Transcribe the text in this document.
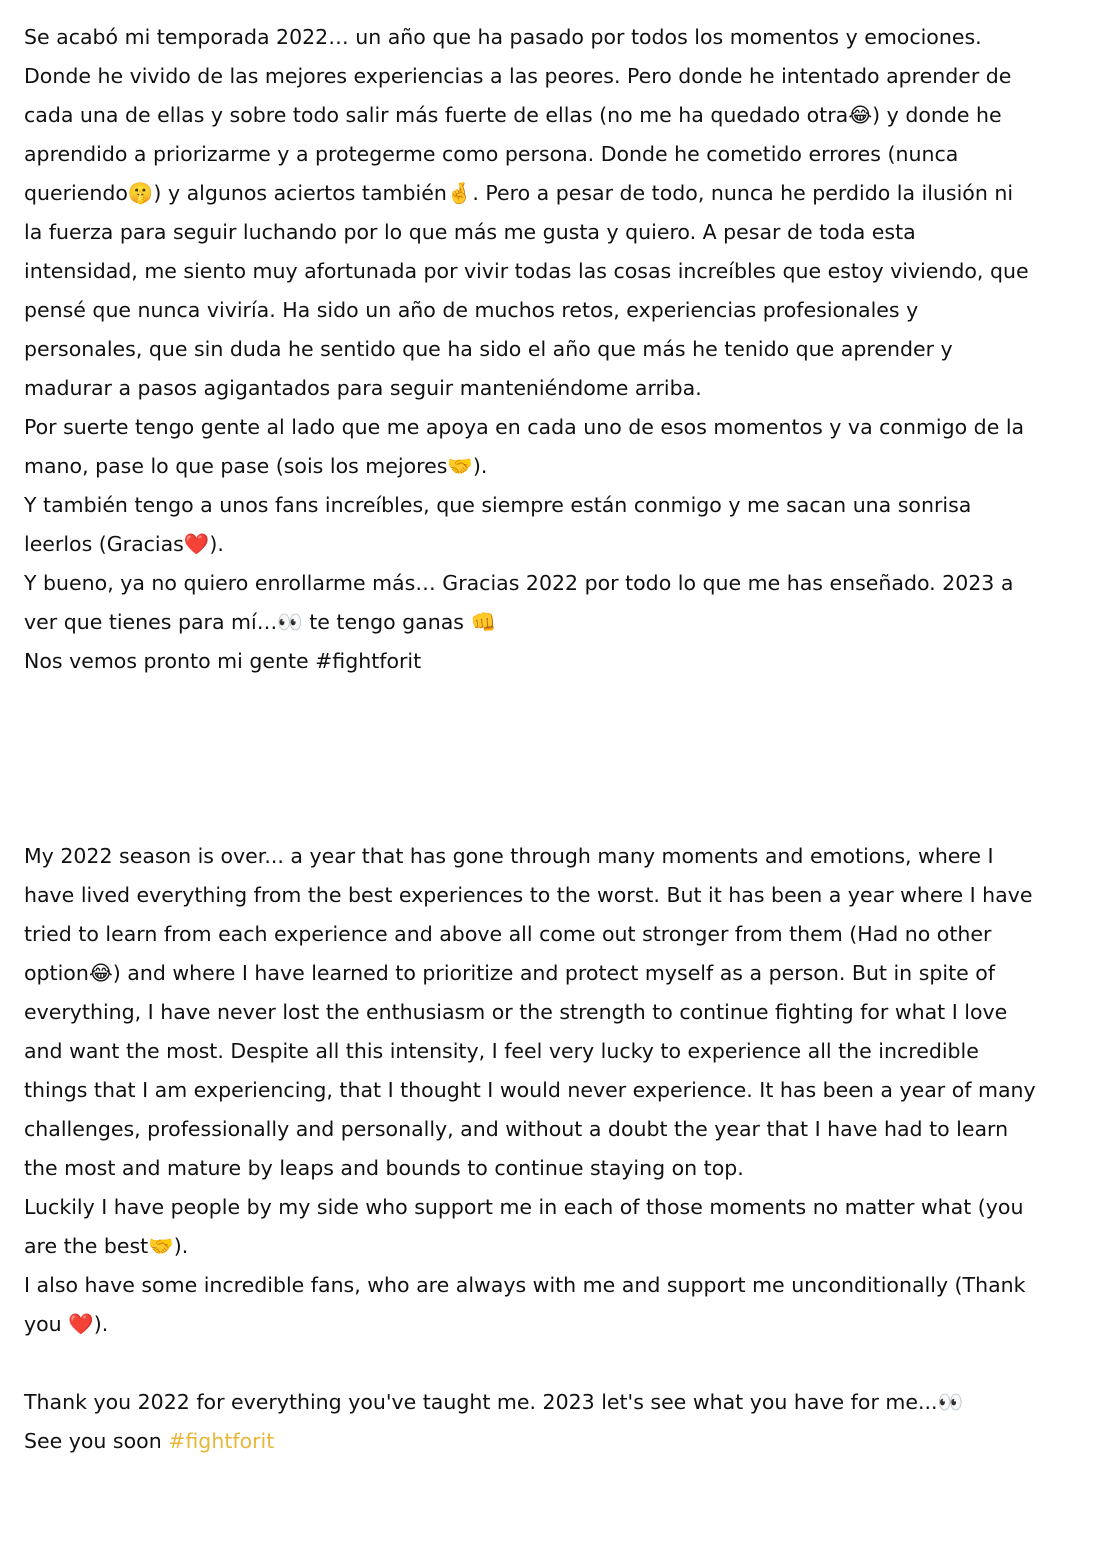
Se acabó mi temporada 2022… un año que ha pasado por todos los momentos y emociones.
Donde he vivido de las mejores experiencias a las peores. Pero donde he intentado aprender de
cada una de ellas y sobre todo salir más fuerte de ellas (no me ha quedado otra😂) y donde he
aprendido a priorizarme y a protegerme como persona. Donde he cometido errores (nunca
queriendo🤫) y algunos aciertos también🤞. Pero a pesar de todo, nunca he perdido la ilusión ni
la fuerza para seguir luchando por lo que más me gusta y quiero. A pesar de toda esta
intensidad, me siento muy afortunada por vivir todas las cosas increíbles que estoy viviendo, que
pensé que nunca viviría. Ha sido un año de muchos retos, experiencias profesionales y
personales, que sin duda he sentido que ha sido el año que más he tenido que aprender y
madurar a pasos agigantados para seguir manteniéndome arriba.
Por suerte tengo gente al lado que me apoya en cada uno de esos momentos y va conmigo de la
mano, pase lo que pase (sois los mejores🤝).
Y también tengo a unos fans increíbles, que siempre están conmigo y me sacan una sonrisa
leerlos (Gracias❤️).
Y bueno, ya no quiero enrollarme más… Gracias 2022 por todo lo que me has enseñado. 2023 a
ver que tienes para mí…👀 te tengo ganas 👊
Nos vemos pronto mi gente #fightforit
My 2022 season is over... a year that has gone through many moments and emotions, where I
have lived everything from the best experiences to the worst. But it has been a year where I have
tried to learn from each experience and above all come out stronger from them (Had no other
option😂) and where I have learned to prioritize and protect myself as a person. But in spite of
everything, I have never lost the enthusiasm or the strength to continue fighting for what I love
and want the most. Despite all this intensity, I feel very lucky to experience all the incredible
things that I am experiencing, that I thought I would never experience. It has been a year of many
challenges, professionally and personally, and without a doubt the year that I have had to learn
the most and mature by leaps and bounds to continue staying on top.
Luckily I have people by my side who support me in each of those moments no matter what (you
are the best🤝).
I also have some incredible fans, who are always with me and support me unconditionally (Thank
you ❤️).
Thank you 2022 for everything you've taught me. 2023 let's see what you have for me...👀
See you soon #fightforit
